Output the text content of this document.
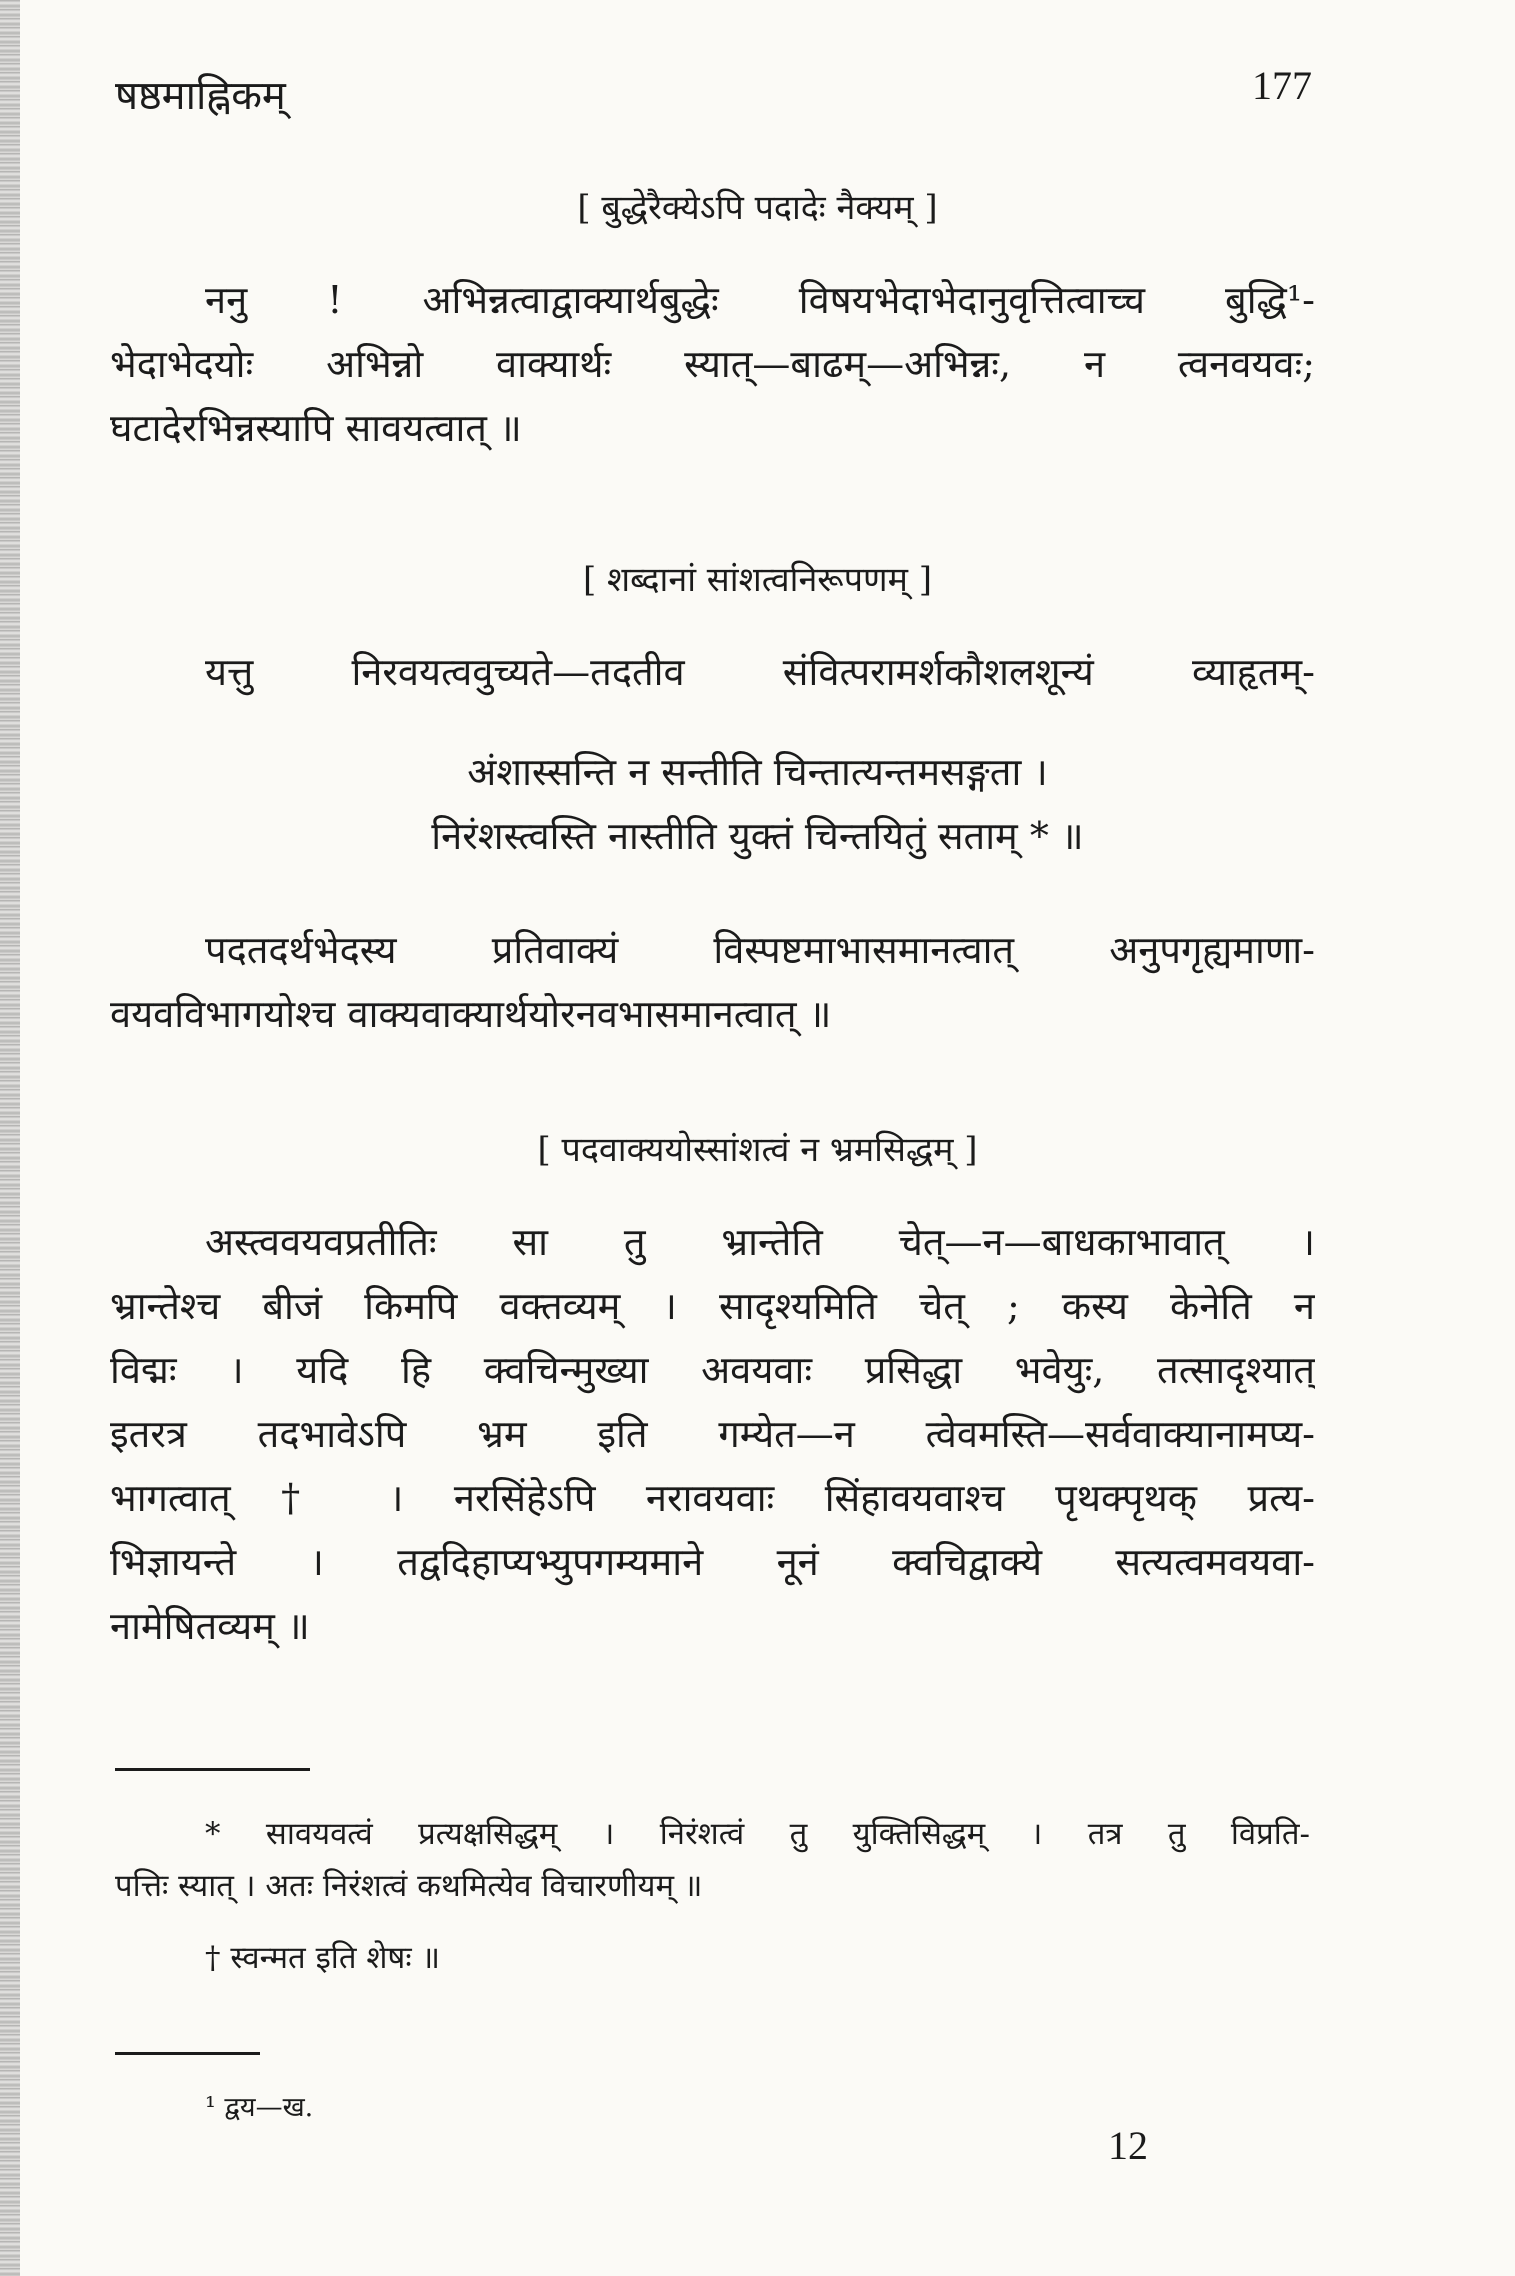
षष्ठमाह्निकम्	177
[ बुद्धेरैक्येऽपि पदादेः नैक्यम् ]
ननु ! अभिन्नत्वाद्वाक्यार्थबुद्धेः विषयभेदाभेदानुवृत्तित्वाच्च बुद्धि¹-
भेदाभेदयोः अभिन्नो वाक्यार्थः स्यात्—बाढम्—अभिन्नः, न त्वनवयवः;
घटादेरभिन्नस्यापि सावयत्वात् ॥
[ शब्दानां सांशत्वनिरूपणम् ]
यत्तु निरवयत्ववुच्यते—तदतीव संवित्परामर्शकौशलशून्यं व्याहृतम्-
अंशास्सन्ति न सन्तीति चिन्तात्यन्तमसङ्गता ।
निरंशस्त्वस्ति नास्तीति युक्तं चिन्तयितुं सताम् * ॥
पदतदर्थभेदस्य प्रतिवाक्यं विस्पष्टमाभासमानत्वात् अनुपगृह्यमाणा-
वयवविभागयोश्च वाक्यवाक्यार्थयोरनवभासमानत्वात् ॥
[ पदवाक्ययोस्सांशत्वं न भ्रमसिद्धम् ]
अस्त्ववयवप्रतीतिः सा तु भ्रान्तेति चेत्—न—बाधकाभावात् ।
भ्रान्तेश्च बीजं किमपि वक्तव्यम् । सादृश्यमिति चेत् ; कस्य केनेति न
विद्मः । यदि हि क्वचिन्मुख्या अवयवाः प्रसिद्धा भवेयुः, तत्सादृश्यात्
इतरत्र तदभावेऽपि भ्रम इति गम्येत—न त्वेवमस्ति—सर्ववाक्यानामप्य-
भागत्वात् † । नरसिंहेऽपि नरावयवाः सिंहावयवाश्च पृथक्पृथक् प्रत्य-
भिज्ञायन्ते । तद्वदिहाप्यभ्युपगम्यमाने नूनं क्वचिद्वाक्ये सत्यत्वमवयवा-
नामेषितव्यम् ॥
* सावयवत्वं प्रत्यक्षसिद्धम् । निरंशत्वं तु युक्तिसिद्धम् । तत्र तु विप्रति-
पत्तिः स्यात् । अतः निरंशत्वं कथमित्येव विचारणीयम् ॥
† स्वन्मत इति शेषः ॥
¹ द्वय—ख.
12
